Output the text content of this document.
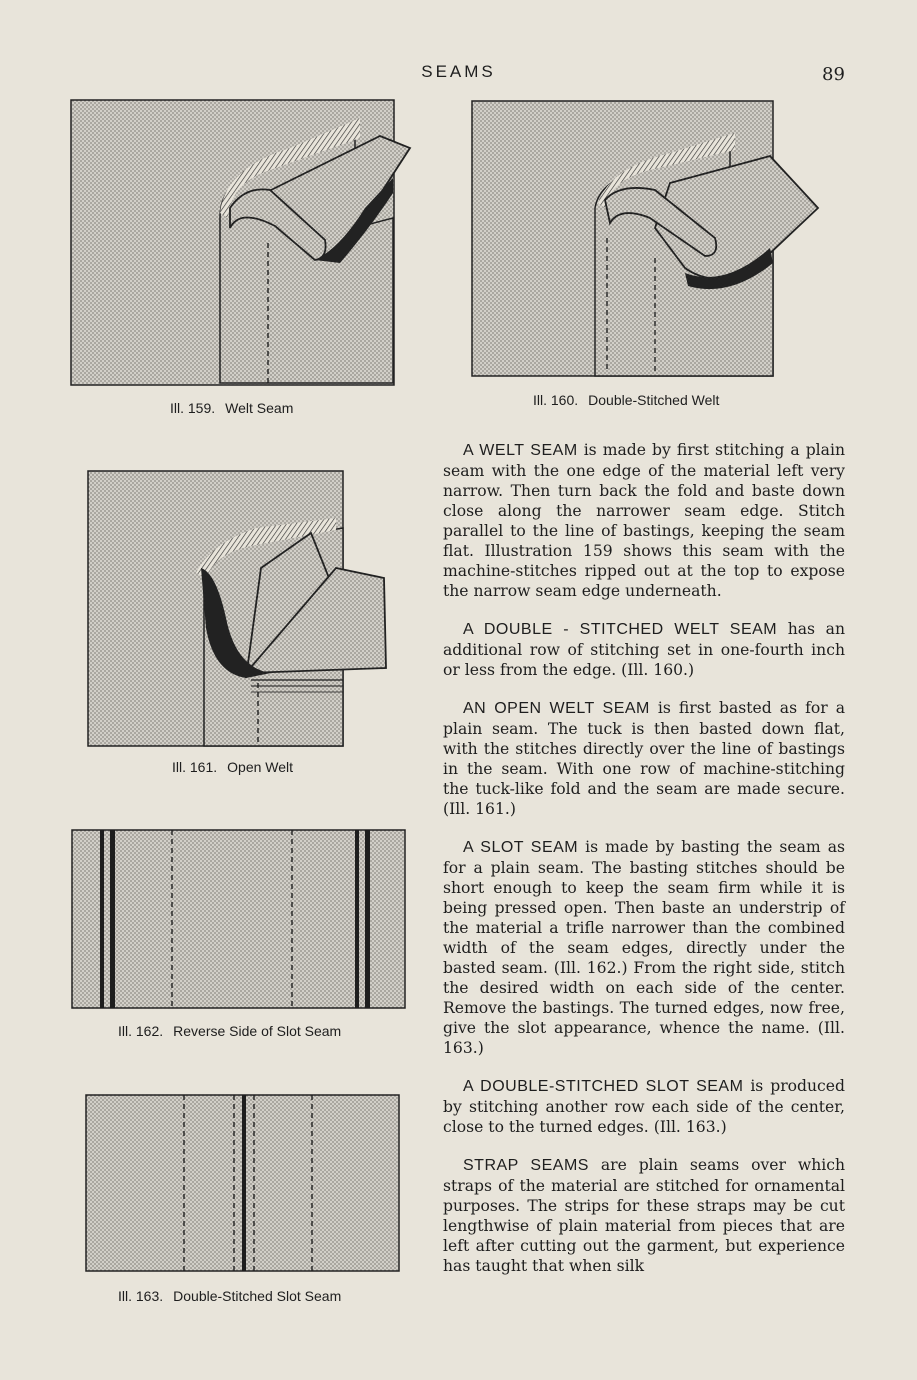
SEAMS	89
Ill. 159. Welt Seam	Ill. 160. Double-Stitched Welt
Ill. 161. Open Welt
Ill. 162. Reverse Side of Slot Seam
Ill. 163. Double-Stitched Slot Seam

A WELT SEAM is made by first stitching a plain seam with the one edge of the material left very narrow. Then turn back the fold and baste down close along the narrower seam edge. Stitch parallel to the line of bastings, keeping the seam flat. Illustration 159 shows this seam with the machine-stitches ripped out at the top to expose the narrow seam edge underneath.

A DOUBLE - STITCHED WELT SEAM has an additional row of stitching set in one-fourth inch or less from the edge. (Ill. 160.)

AN OPEN WELT SEAM is first basted as for a plain seam. The tuck is then basted down flat, with the stitches directly over the line of bastings in the seam. With one row of machine-stitching the tuck-like fold and the seam are made secure. (Ill. 161.)

A SLOT SEAM is made by basting the seam as for a plain seam. The basting stitches should be short enough to keep the seam firm while it is being pressed open. Then baste an understrip of the material a trifle narrower than the combined width of the seam edges, directly under the basted seam. (Ill. 162.) From the right side, stitch the desired width on each side of the center. Remove the bastings. The turned edges, now free, give the slot appearance, whence the name. (Ill. 163.)

A DOUBLE-STITCHED SLOT SEAM is produced by stitching another row each side of the center, close to the turned edges. (Ill. 163.)

STRAP SEAMS are plain seams over which straps of the material are stitched for ornamental purposes. The strips for these straps may be cut lengthwise of plain material from pieces that are left after cutting out the garment, but experience has taught that when silk
